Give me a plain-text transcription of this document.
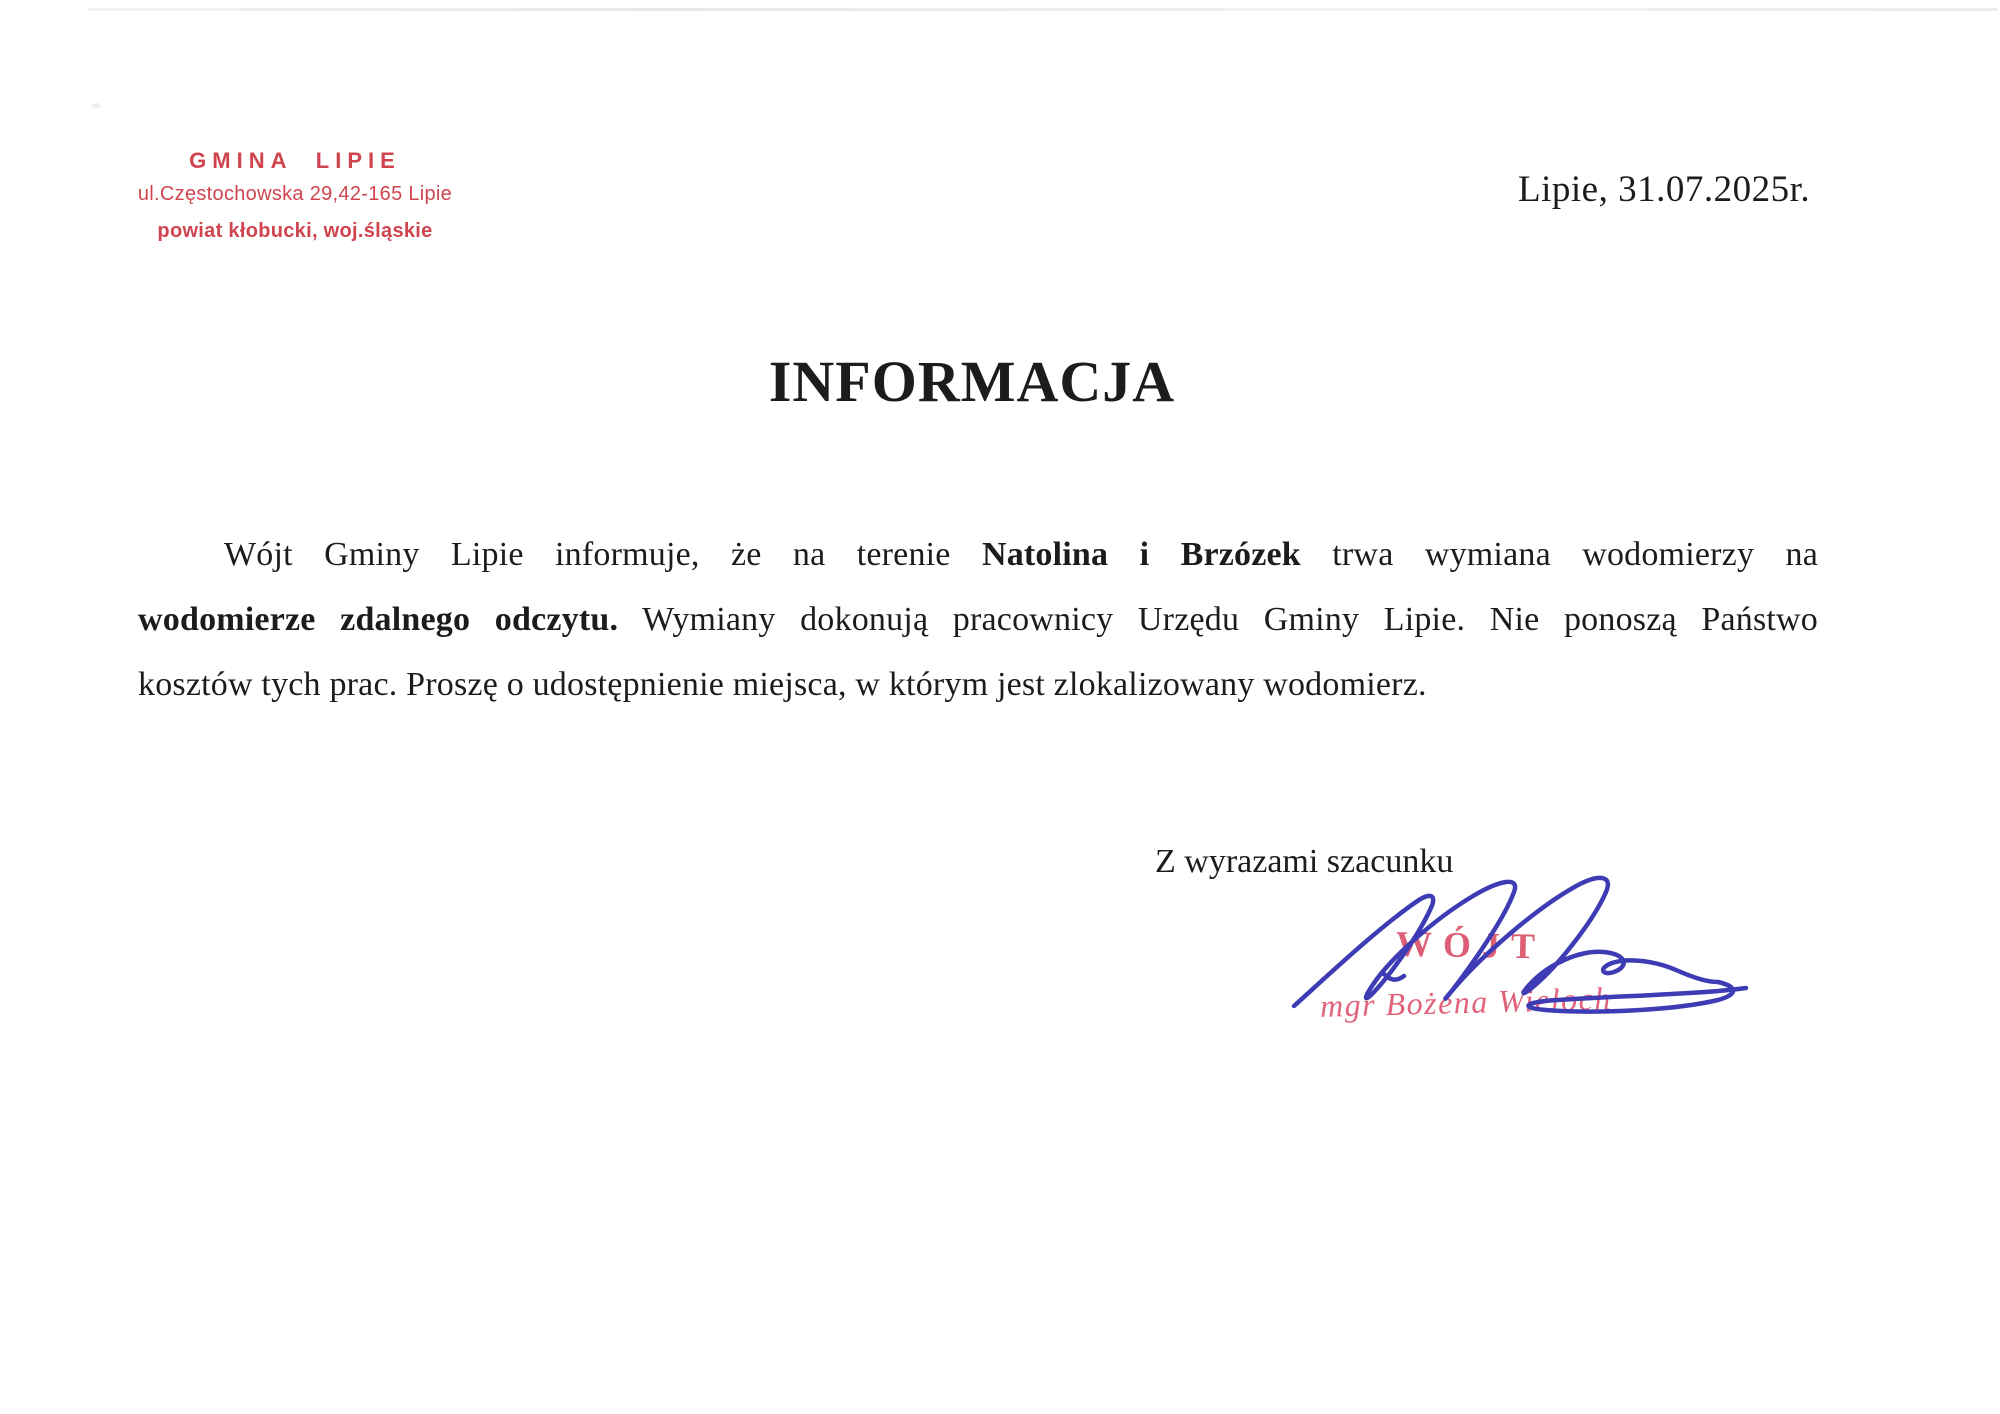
GMINA LIPIE
ul.Częstochowska 29,42-165 Lipie
powiat kłobucki, woj.śląskie
Lipie, 31.07.2025r.
INFORMACJA
Wójt Gminy Lipie informuje, że na terenie Natolina i Brzózek trwa wymiana wodomierzy na
wodomierze zdalnego odczytu. Wymiany dokonują pracownicy Urzędu Gminy Lipie. Nie ponoszą Państwo
kosztów tych prac. Proszę o udostępnienie miejsca, w którym jest zlokalizowany wodomierz.
Z wyrazami szacunku
WÓJT
mgr Bożena Wieloch
